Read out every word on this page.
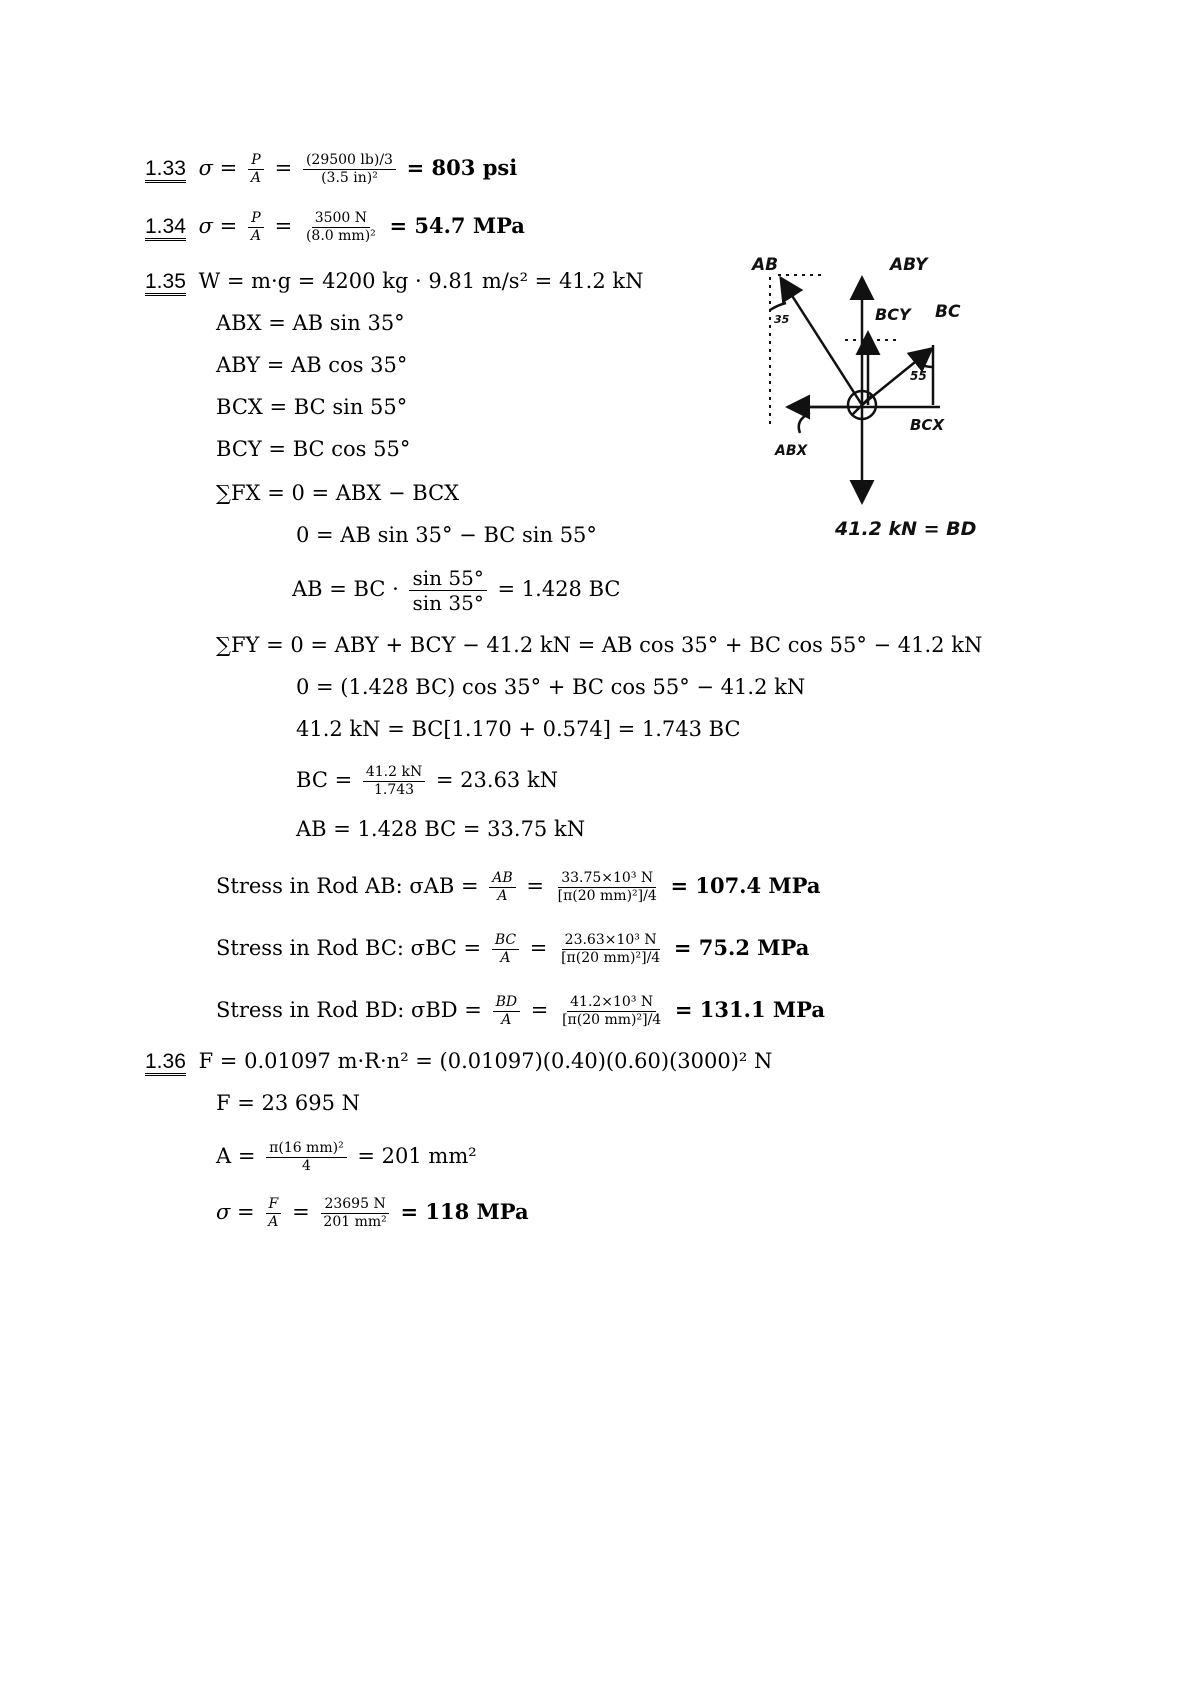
1.33 $\sigma = \frac{P}{A} = \frac{(29500 lb)/3}{\text{(3.5 in)²}} = 803$ psi
1.34 $\sigma = \frac{P}{A} = \frac{3500 N}{\text{(8.0 mm)²}} = 54.7$ MPa
1.35 W = m·g = 4200 kg · 9.81 m/s² = 41.2 kN
ABX = AB sin 35°
ABY = AB cos 35°
BCX = BC sin 55°
BCY = BC cos 55°
∑FX = 0 = ABX − BCX
0 = AB sin 35° − BC sin 55°
AB = BC · $\frac{\sin 55^\circ}{\sin 35^\circ} = 1.428$ BC
∑FY = 0 = ABY + BCY − 41.2 kN = AB cos 35° + BC cos 55° − 41.2 kN
0 = (1.428 BC) cos 35° + BC cos 55° − 41.2 kN
41.2 kN = BC[1.170 + 0.574] = 1.743 BC
BC = $\frac{41.2 kN}{1.743} = 23.63$ kN
AB = 1.428 BC = 33.75 kN
Stress in Rod AB: $\sigma AB = \frac{AB}{A} = \frac{\text{33.75×10³ N}}{\text{[π(20 mm)²]/4}} = 107.4$ MPa
Stress in Rod BC: $\sigma BC = \frac{BC}{A} = \frac{\text{23.63×10³ N}}{\text{[π(20 mm)²]/4}} = 75.2$ MPa
Stress in Rod BD: $\sigma BD = \frac{BD}{A} = \frac{\text{41.2×10³ N}}{\text{[π(20 mm)²]/4}} = 131.1$ MPa
AB	ABY
BCY BC
35
55
BCX
ABX
41.2 kN = BD
1.36 F = 0.01097 m·R·n² = (0.01097)(0.40)(0.60)(3000)² N
F = 23 695 N
$A = \frac{\text{π(16 mm)²}}{4} = 201$ mm²
$\sigma = \frac{F}{A} = \frac{23695 N}{\text{201 mm²}} = 118$ MPa
